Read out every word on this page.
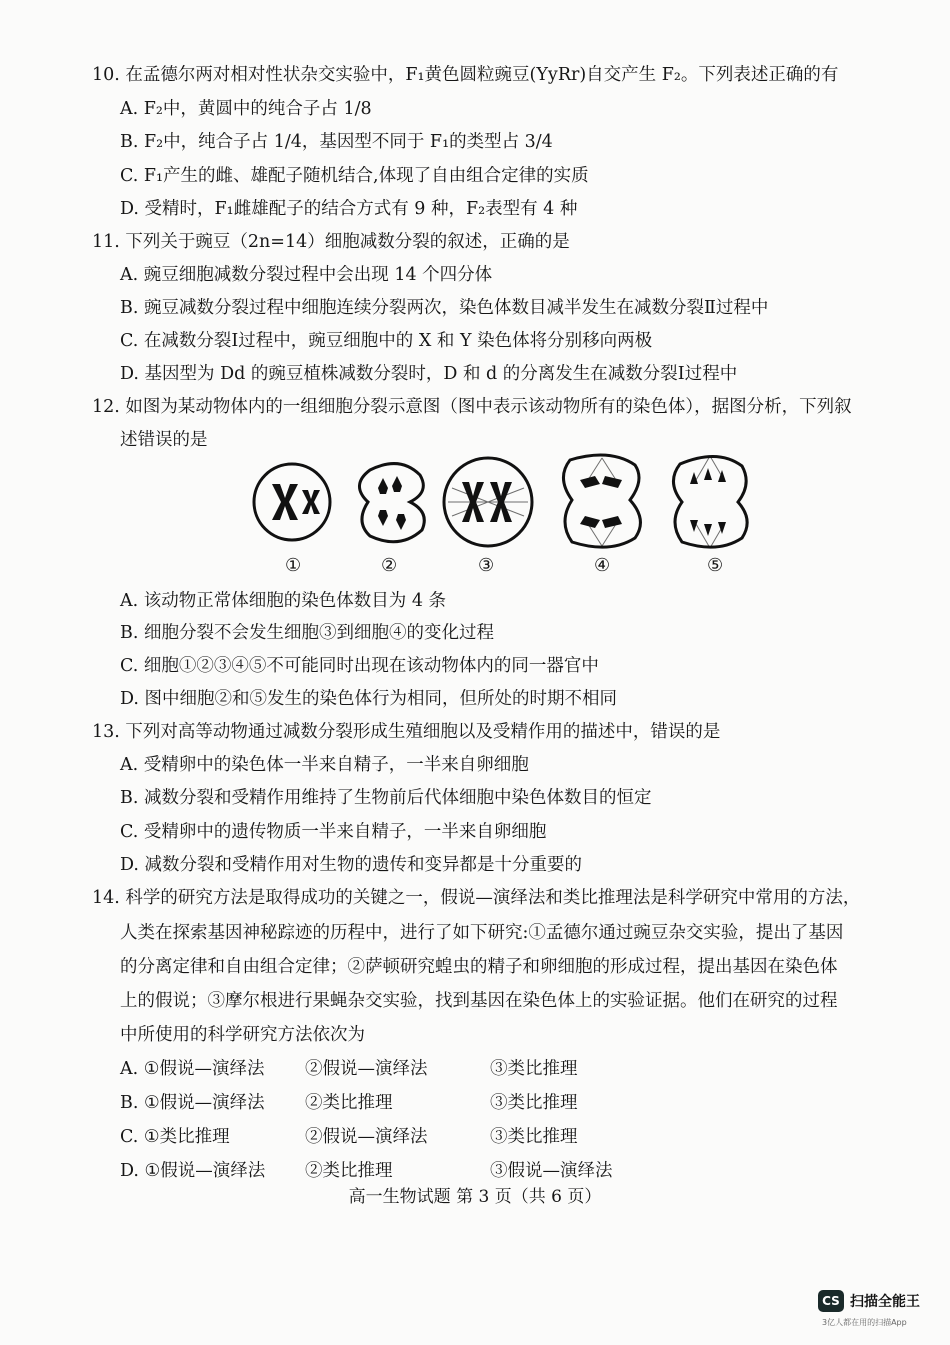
10. 在孟德尔两对相对性状杂交实验中，F₁黄色圆粒豌豆(YyRr)自交产生 F₂。下列表述正确的有
A. F₂中，黄圆中的纯合子占 1/8
B. F₂中，纯合子占 1/4，基因型不同于 F₁的类型占 3/4
C. F₁产生的雌、雄配子随机结合,体现了自由组合定律的实质
D. 受精时，F₁雌雄配子的结合方式有 9 种，F₂表型有 4 种
11. 下列关于豌豆（2n=14）细胞减数分裂的叙述，正确的是
A. 豌豆细胞减数分裂过程中会出现 14 个四分体
B. 豌豆减数分裂过程中细胞连续分裂两次，染色体数目减半发生在减数分裂Ⅱ过程中
C. 在减数分裂Ⅰ过程中，豌豆细胞中的 X 和 Y 染色体将分别移向两极
D. 基因型为 Dd 的豌豆植株减数分裂时，D 和 d 的分离发生在减数分裂Ⅰ过程中
12. 如图为某动物体内的一组细胞分裂示意图（图中表示该动物所有的染色体），据图分析，下列叙
述错误的是
①	②	③	④	⑤
A. 该动物正常体细胞的染色体数目为 4 条
B. 细胞分裂不会发生细胞③到细胞④的变化过程
C. 细胞①②③④⑤不可能同时出现在该动物体内的同一器官中
D. 图中细胞②和⑤发生的染色体行为相同，但所处的时期不相同
13. 下列对高等动物通过减数分裂形成生殖细胞以及受精作用的描述中，错误的是
A. 受精卵中的染色体一半来自精子，一半来自卵细胞
B. 减数分裂和受精作用维持了生物前后代体细胞中染色体数目的恒定
C. 受精卵中的遗传物质一半来自精子，一半来自卵细胞
D. 减数分裂和受精作用对生物的遗传和变异都是十分重要的
14. 科学的研究方法是取得成功的关键之一，假说—演绎法和类比推理法是科学研究中常用的方法，
人类在探索基因神秘踪迹的历程中，进行了如下研究:①孟德尔通过豌豆杂交实验，提出了基因
的分离定律和自由组合定律；②萨顿研究蝗虫的精子和卵细胞的形成过程，提出基因在染色体
上的假说；③摩尔根进行果蝇杂交实验，找到基因在染色体上的实验证据。他们在研究的过程
中所使用的科学研究方法依次为
A. ①假说—演绎法 ②假说—演绎法	③类比推理
B. ①假说—演绎法 ②类比推理	③类比推理
C. ①类比推理	②假说—演绎法	③类比推理
D. ①假说—演绎法 ②类比推理	③假说—演绎法
高一生物试题 第 3 页（共 6 页）
CS 扫描全能王
3亿人都在用的扫描App
